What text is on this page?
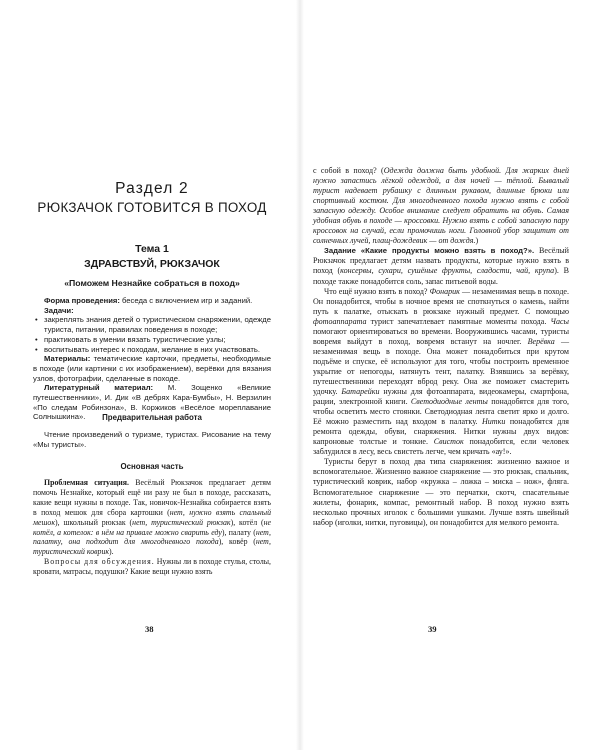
Раздел 2
РЮКЗАЧОК ГОТОВИТСЯ В ПОХОД
Тема 1
ЗДРАВСТВУЙ, РЮКЗАЧОК
«Поможем Незнайке собраться в поход»

Форма проведения: беседа с включением игр и заданий.

Задачи:

• закреплять знания детей о туристическом снаряжении, одежде туриста, питании, правилах поведения в походе;

• практиковать в умении вязать туристические узлы;

• воспитывать интерес к походам, желание в них участвовать.

Материалы: тематические карточки, предметы, необходимые в походе (или картинки с их изображением), верёвки для вязания узлов, фотографии, сделанные в походе.

Литературный материал: М. Зощенко «Великие путешественники», И. Дик «В дебрях Кара-Бумбы», Н. Верзилин «По следам Робинзона», В. Коржиков «Весёлое мореплавание Солнышкина».	Предварительная работа

Чтение произведений о туризме, туристах. Рисование на тему «Мы туристы».

Основная часть

Проблемная ситуация. Весёлый Рюкзачок предлагает детям помочь Незнайке, который ещё ни разу не был в походе, рассказать, какие вещи нужны в походе. Так, новичок-Незнайка собирается взять в поход мешок для сбора картошки (нет, нужно взять спальный мешок), школьный рюкзак (нет, туристический рюкзак), котёл (не котёл, а котелок: в нём на привале можно сварить еду), палату (нет, палатку, она подходит для многодневного похода), ковёр (нет, туристический коврик).

Вопросы для обсуждения. Нужны ли в походе стулья, столы, кровати, матрасы, подушки? Какие вещи нужно взять

38

с собой в поход? (Одежда должна быть удобной. Для жарких дней нужно запастись лёгкой одеждой, а для ночей — тёплой. Бывалый турист надевает рубашку с длинным рукавом, длинные брюки или спортивный костюм. Для многодневного похода нужно взять с собой запасную одежду. Особое внимание следует обратить на обувь. Самая удобная обувь в походе — кроссовки. Нужно взять с собой запасную пару кроссовок на случай, если промочишь ноги. Головной убор защитит от солнечных лучей, плащ-дождевик — от дождя.)

Задание «Какие продукты можно взять в поход?». Весёлый Рюкзачок предлагает детям назвать продукты, которые нужно взять в поход (консервы, сухари, сушёные фрукты, сладости, чай, крупа). В походе также понадобится соль, запас питьевой воды.

Что ещё нужно взять в поход? Фонарик — незаменимая вещь в походе. Он понадобится, чтобы в ночное время не споткнуться о камень, найти путь к палатке, отыскать в рюкзаке нужный предмет. С помощью фотоаппарата турист запечатлевает памятные моменты похода. Часы помогают ориентироваться во времени. Вооружившись часами, туристы вовремя выйдут в поход, вовремя встанут на ночлег. Верёвка — незаменимая вещь в походе. Она может понадобиться при крутом подъёме и спуске, её используют для того, чтобы построить временное укрытие от непогоды, натянуть тент, палатку. Взявшись за верёвку, путешественники переходят вброд реку. Она же поможет смастерить удочку. Батарейки нужны для фотоаппарата, видеокамеры, смартфона, рации, электронной книги. Светодиодные ленты понадобятся для того, чтобы осветить место стоянки. Светодиодная лента светит ярко и долго. Её можно разместить над входом в палатку. Нитки понадобятся для ремонта одежды, обуви, снаряжения. Нитки нужны двух видов: капроновые толстые и тонкие. Свисток понадобится, если человек заблудился в лесу, весь свистеть легче, чем кричать «ау!».

Туристы берут в поход два типа снаряжения: жизненно важное и вспомогательное. Жизненно важное снаряжение — это рюкзак, спальник, туристический коврик, набор «кружка – ложка – миска – нож», фляга. Вспомогательное снаряжение — это перчатки, скотч, спасательные жилеты, фонарик, компас, ремонтный набор. В поход нужно взять несколько прочных иголок с большими ушками. Лучше взять швейный набор (иголки, нитки, пуговицы), он понадобится для мелкого ремонта.

39
